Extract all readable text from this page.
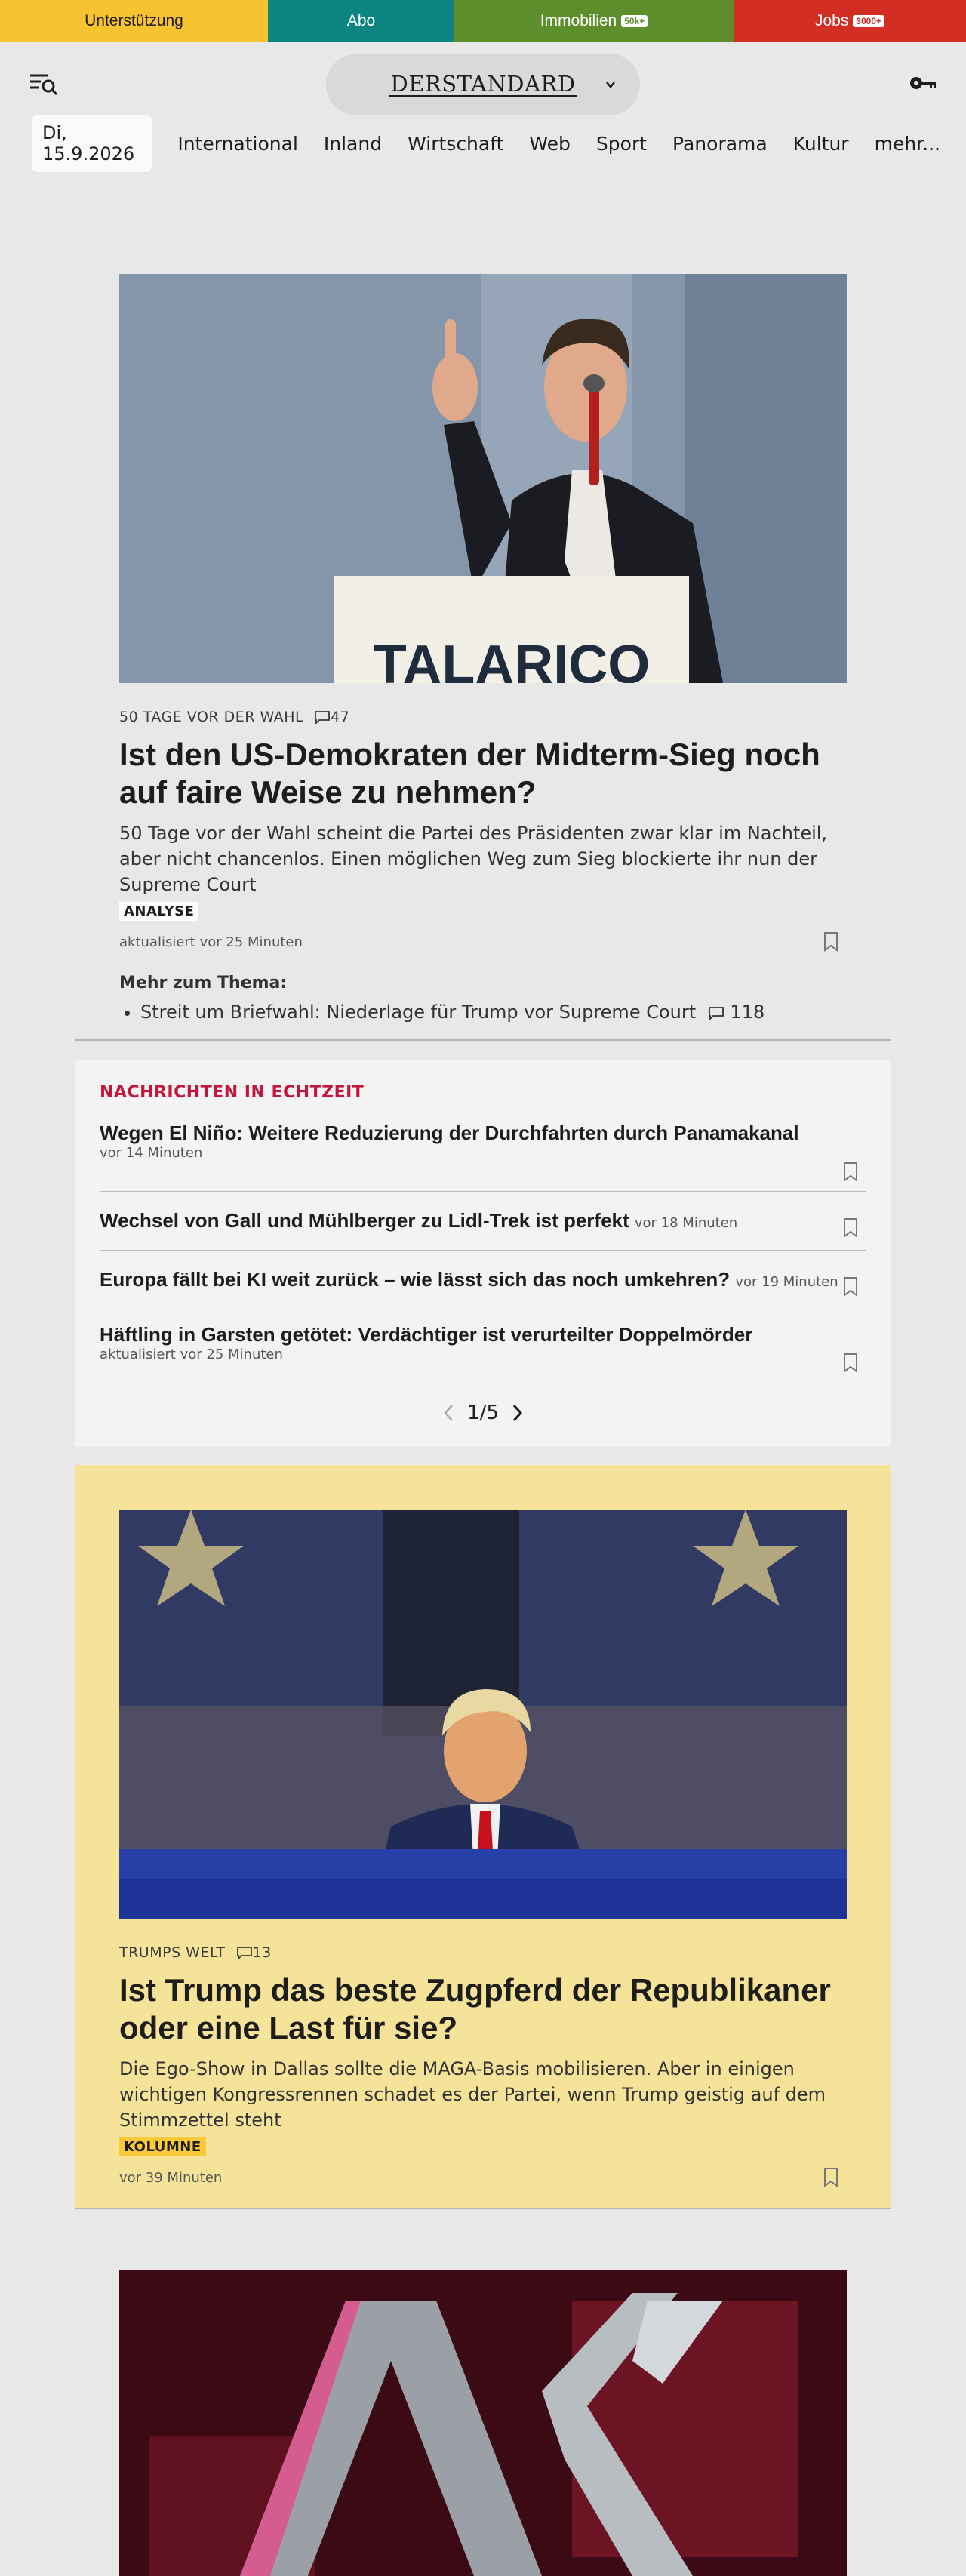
Unterstützung	Abo	Immobilien 50k+	Jobs 3000+
DERSTANDARD
Di, 15.9.2026	International Inland Wirtschaft Web Sport Panorama Kultur mehr...
TALARICO
50 TAGE VOR DER WAHL 47
Ist den US-Demokraten der Midterm-Sieg noch auf faire Weise zu nehmen?

50 Tage vor der Wahl scheint die Partei des Präsidenten zwar klar im Nachteil, aber nicht chancenlos. Einen möglichen Weg zum Sieg blockierte ihr nun der Supreme Court

ANALYSE
aktualisiert vor 25 Minuten
Mehr zum Thema:
• Streit um Briefwahl: Niederlage für Trump vor Supreme Court 118
NACHRICHTEN IN ECHTZEIT
Wegen El Niño: Weitere Reduzierung der Durchfahrten durch Panamakanal
vor 14 Minuten
Wechsel von Gall und Mühlberger zu Lidl-Trek ist perfekt vor 18 Minuten
Europa fällt bei KI weit zurück – wie lässt sich das noch umkehren? vor 19 Minuten
Häftling in Garsten getötet: Verdächtiger ist verurteilter Doppelmörder
aktualisiert vor 25 Minuten
1/5
TRUMPS WELT 13
Ist Trump das beste Zugpferd der Republikaner oder eine Last für sie?

Die Ego-Show in Dallas sollte die MAGA-Basis mobilisieren. Aber in einigen wichtigen Kongressrennen schadet es der Partei, wenn Trump geistig auf dem Stimmzettel steht

KOLUMNE
vor 39 Minuten
